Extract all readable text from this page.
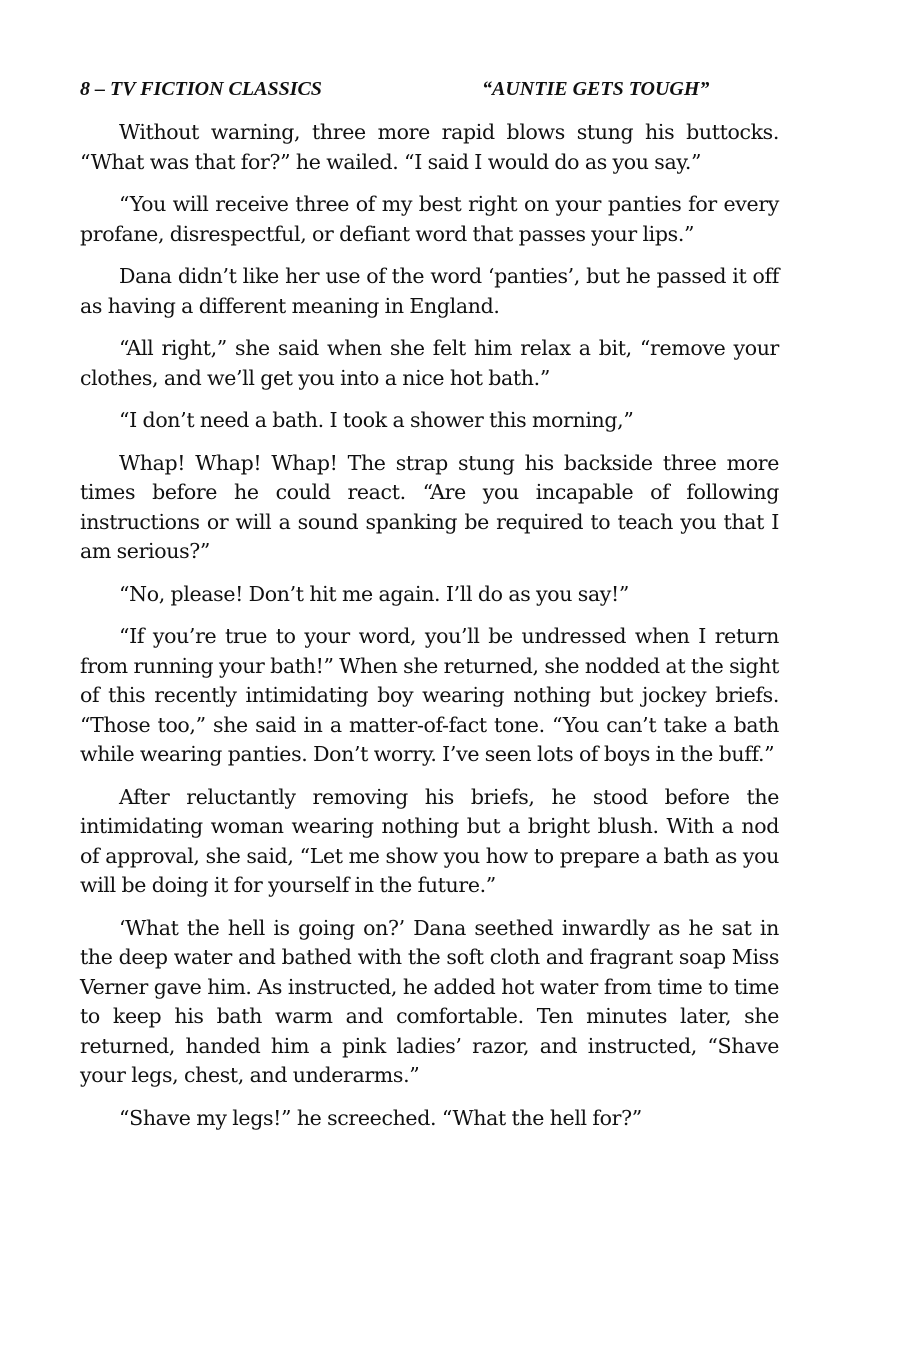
8 – TV FICTION CLASSICS	“AUNTIE GETS TOUGH”

Without warning, three more rapid blows stung his buttocks. “What was that for?” he wailed. “I said I would do as you say.”

“You will receive three of my best right on your panties for every profane, disrespectful, or defiant word that passes your lips.”

Dana didn’t like her use of the word ‘panties’, but he passed it off as having a different meaning in England.

“All right,” she said when she felt him relax a bit, “remove your clothes, and we’ll get you into a nice hot bath.”

“I don’t need a bath. I took a shower this morning,”

Whap! Whap! Whap! The strap stung his backside three more times before he could react. “Are you incapable of following instructions or will a sound spanking be required to teach you that I am serious?”

“No, please! Don’t hit me again. I’ll do as you say!”

“If you’re true to your word, you’ll be undressed when I return from running your bath!” When she returned, she nodded at the sight of this recently intimidating boy wearing nothing but jockey briefs. “Those too,” she said in a matter-of-fact tone. “You can’t take a bath while wearing panties. Don’t worry. I’ve seen lots of boys in the buff.”

After reluctantly removing his briefs, he stood before the intimidating woman wearing nothing but a bright blush. With a nod of approval, she said, “Let me show you how to prepare a bath as you will be doing it for yourself in the future.”

‘What the hell is going on?’ Dana seethed inwardly as he sat in the deep water and bathed with the soft cloth and fragrant soap Miss Verner gave him. As instructed, he added hot water from time to time to keep his bath warm and comfortable. Ten minutes later, she returned, handed him a pink ladies’ razor, and instructed, “Shave your legs, chest, and underarms.”

“Shave my legs!” he screeched. “What the hell for?”
